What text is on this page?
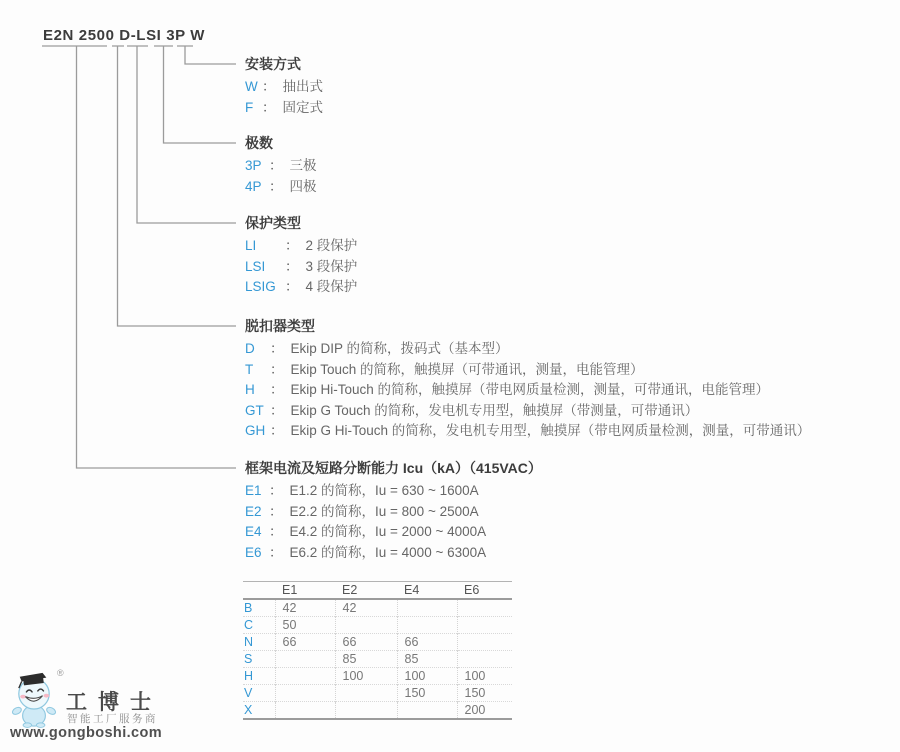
E2N 2500 D-LSI 3P W
安装方式
W ： 抽出式
F ： 固定式
极数
3P ： 三极
4P ： 四极
保护类型
LI ： 2 段保护
LSI ： 3 段保护
LSIG ： 4 段保护
脱扣器类型
D ： Ekip DIP 的简称，拨码式（基本型）
T ： Ekip Touch 的简称，触摸屏（可带通讯，测量，电能管理）
H ： Ekip Hi-Touch 的简称，触摸屏（带电网质量检测，测量，可带通讯，电能管理）
GT ： Ekip G Touch 的简称，发电机专用型，触摸屏（带测量，可带通讯）
GH ： Ekip G Hi-Touch 的简称，发电机专用型，触摸屏（带电网质量检测，测量，可带通讯）
框架电流及短路分断能力 Icu（kA）（415VAC）
E1 ： E1.2 的简称，Iu = 630 ~ 1600A
E2 ： E2.2 的简称，Iu = 800 ~ 2500A
E4 ： E4.2 的简称，Iu = 2000 ~ 4000A
E6 ： E6.2 的简称，Iu = 4000 ~ 6300A
	E1	E2	E4	E6
B	42	42		
C	50			
N	66	66	66	
S		85	85	
H		100	100	100
V			150	150
X				200
®
工博士
智能工厂服务商
www.gongboshi.com
